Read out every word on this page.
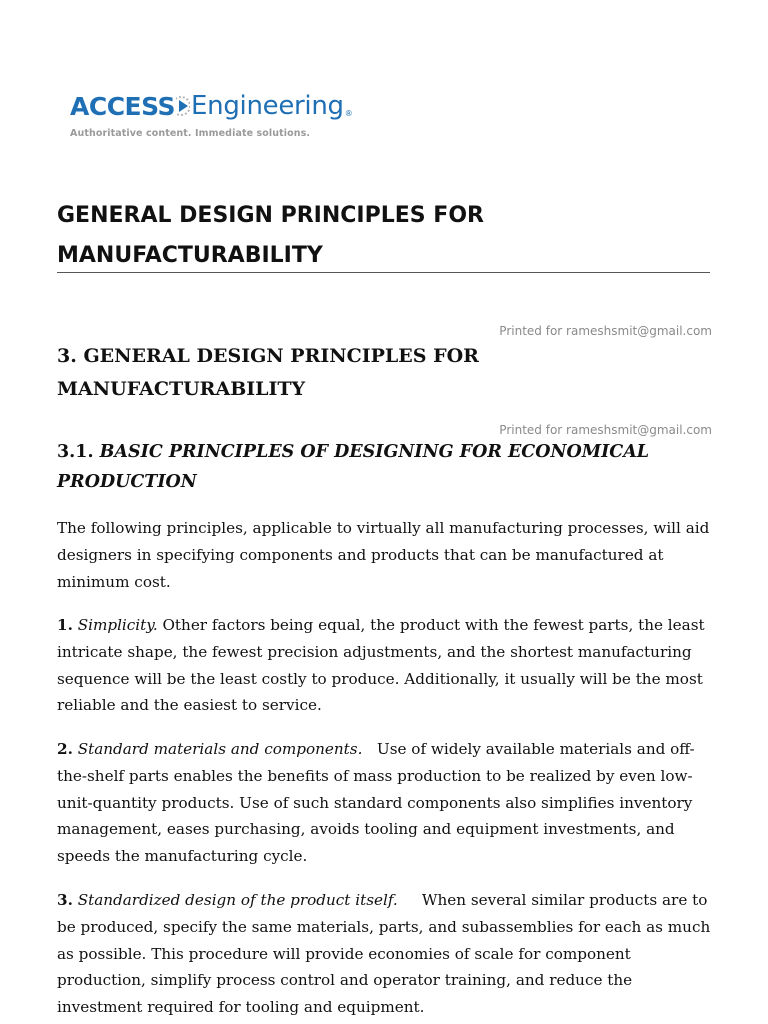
ACCESS Engineering ®
Authoritative content. Immediate solutions.
GENERAL DESIGN PRINCIPLES FOR
MANUFACTURABILITY
Printed for rameshsmit@gmail.com
3. GENERAL DESIGN PRINCIPLES FOR
MANUFACTURABILITY
Printed for rameshsmit@gmail.com
3.1. BASIC PRINCIPLES OF DESIGNING FOR ECONOMICAL
PRODUCTION

The following principles, applicable to virtually all manufacturing processes, will aid designers in specifying components and products that can be manufactured at minimum cost.

1. Simplicity. Other factors being equal, the product with the fewest parts, the least intricate shape, the fewest precision adjustments, and the shortest manufacturing sequence will be the least costly to produce. Additionally, it usually will be the most reliable and the easiest to service.

2. Standard materials and components. Use of widely available materials and off-the-shelf parts enables the benefits of mass production to be realized by even low-unit-quantity products. Use of such standard components also simplifies inventory management, eases purchasing, avoids tooling and equipment investments, and speeds the manufacturing cycle.

3. Standardized design of the product itself. When several similar products are to be produced, specify the same materials, parts, and subassemblies for each as much as possible. This procedure will provide economies of scale for component production, simplify process control and operator training, and reduce the investment required for tooling and equipment.
